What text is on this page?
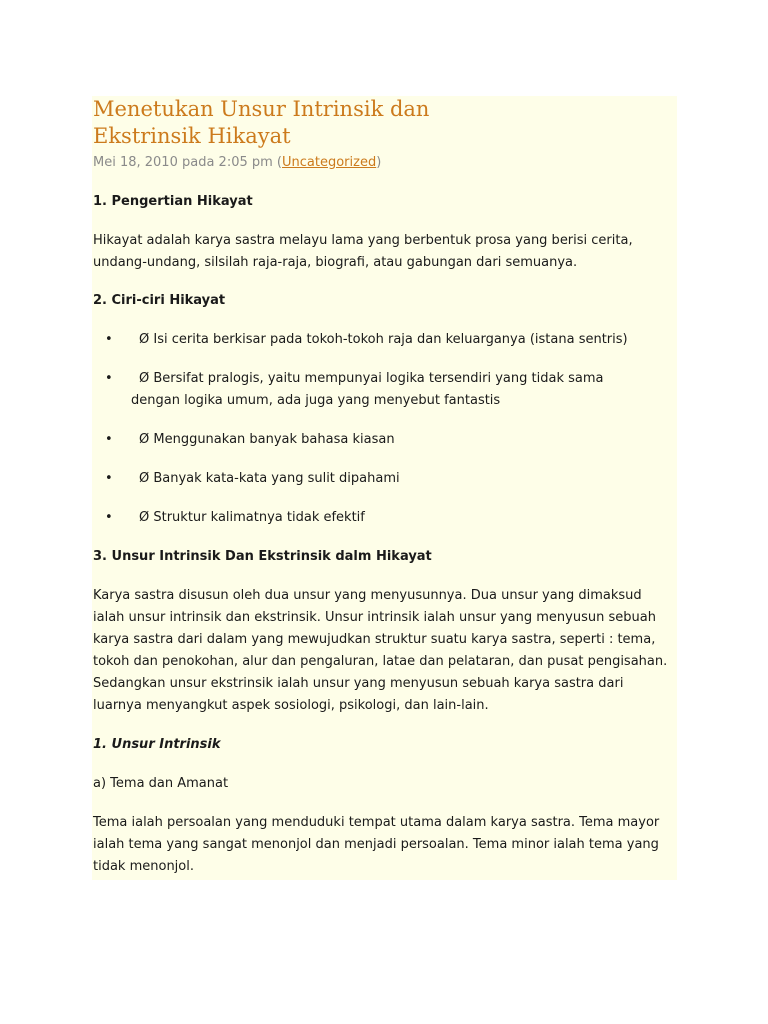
Menetukan Unsur Intrinsik dan
Ekstrinsik Hikayat
Mei 18, 2010 pada 2:05 pm (Uncategorized)

1. Pengertian Hikayat

Hikayat adalah karya sastra melayu lama yang berbentuk prosa yang berisi cerita, undang-undang, silsilah raja-raja, biografi, atau gabungan dari semuanya.

2. Ciri-ciri Hikayat

• Ø Isi cerita berkisar pada tokoh-tokoh raja dan keluarganya (istana sentris)
• Ø Bersifat pralogis, yaitu mempunyai logika tersendiri yang tidak sama
dengan logika umum, ada juga yang menyebut fantastis
• Ø Menggunakan banyak bahasa kiasan
• Ø Banyak kata-kata yang sulit dipahami
• Ø Struktur kalimatnya tidak efektif

3. Unsur Intrinsik Dan Ekstrinsik dalm Hikayat

Karya sastra disusun oleh dua unsur yang menyusunnya. Dua unsur yang dimaksud ialah unsur intrinsik dan ekstrinsik. Unsur intrinsik ialah unsur yang menyusun sebuah karya sastra dari dalam yang mewujudkan struktur suatu karya sastra, seperti : tema, tokoh dan penokohan, alur dan pengaluran, latae dan pelataran, dan pusat pengisahan. Sedangkan unsur ekstrinsik ialah unsur yang menyusun sebuah karya sastra dari luarnya menyangkut aspek sosiologi, psikologi, dan lain-lain.

1. Unsur Intrinsik

a) Tema dan Amanat

Tema ialah persoalan yang menduduki tempat utama dalam karya sastra. Tema mayor ialah tema yang sangat menonjol dan menjadi persoalan. Tema minor ialah tema yang tidak menonjol.
